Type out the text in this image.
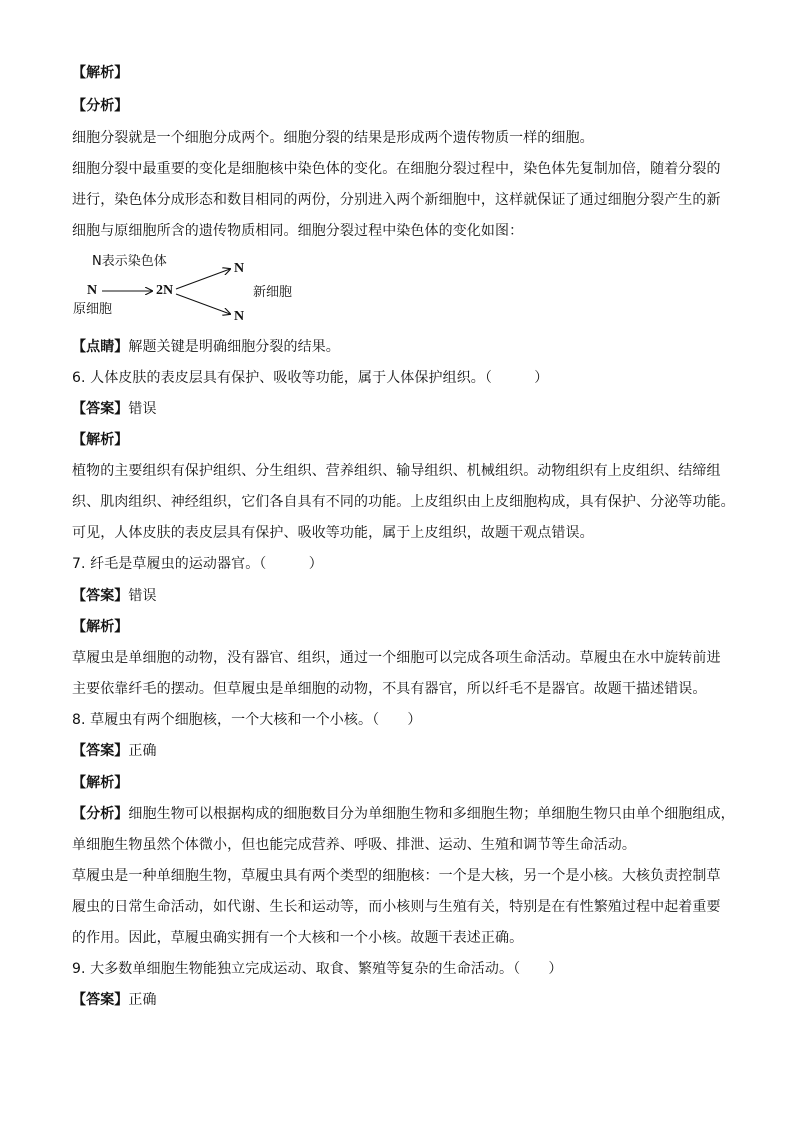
【解析】
【分析】
细胞分裂就是一个细胞分成两个。细胞分裂的结果是形成两个遗传物质一样的细胞。
细胞分裂中最重要的变化是细胞核中染色体的变化。在细胞分裂过程中，染色体先复制加倍，随着分裂的
进行，染色体分成形态和数目相同的两份，分别进入两个新细胞中，这样就保证了通过细胞分裂产生的新
细胞与原细胞所含的遗传物质相同。细胞分裂过程中染色体的变化如图：
N表示染色体
N	2N
N
N
原细胞
新细胞
【点睛】解题关键是明确细胞分裂的结果。
6. 人体皮肤的表皮层具有保护、吸收等功能，属于人体保护组织。（　　　）
【答案】错误
【解析】
植物的主要组织有保护组织、分生组织、营养组织、输导组织、机械组织。动物组织有上皮组织、结缔组
织、肌肉组织、神经组织，它们各自具有不同的功能。上皮组织由上皮细胞构成，具有保护、分泌等功能。
可见，人体皮肤的表皮层具有保护、吸收等功能，属于上皮组织，故题干观点错误。
7. 纤毛是草履虫的运动器官。（　　　）
【答案】错误
【解析】
草履虫是单细胞的动物，没有器官、组织，通过一个细胞可以完成各项生命活动。草履虫在水中旋转前进
主要依靠纤毛的摆动。但草履虫是单细胞的动物，不具有器官，所以纤毛不是器官。故题干描述错误。
8. 草履虫有两个细胞核，一个大核和一个小核。（　　）
【答案】正确
【解析】
【分析】细胞生物可以根据构成的细胞数目分为单细胞生物和多细胞生物；单细胞生物只由单个细胞组成，
单细胞生物虽然个体微小，但也能完成营养、呼吸、排泄、运动、生殖和调节等生命活动。
草履虫是一种单细胞生物，草履虫具有两个类型的细胞核：一个是大核，另一个是小核。大核负责控制草
履虫的日常生命活动，如代谢、生长和运动等，而小核则与生殖有关，特别是在有性繁殖过程中起着重要
的作用。因此，草履虫确实拥有一个大核和一个小核。故题干表述正确。
9. 大多数单细胞生物能独立完成运动、取食、繁殖等复杂的生命活动。（　　）
【答案】正确
